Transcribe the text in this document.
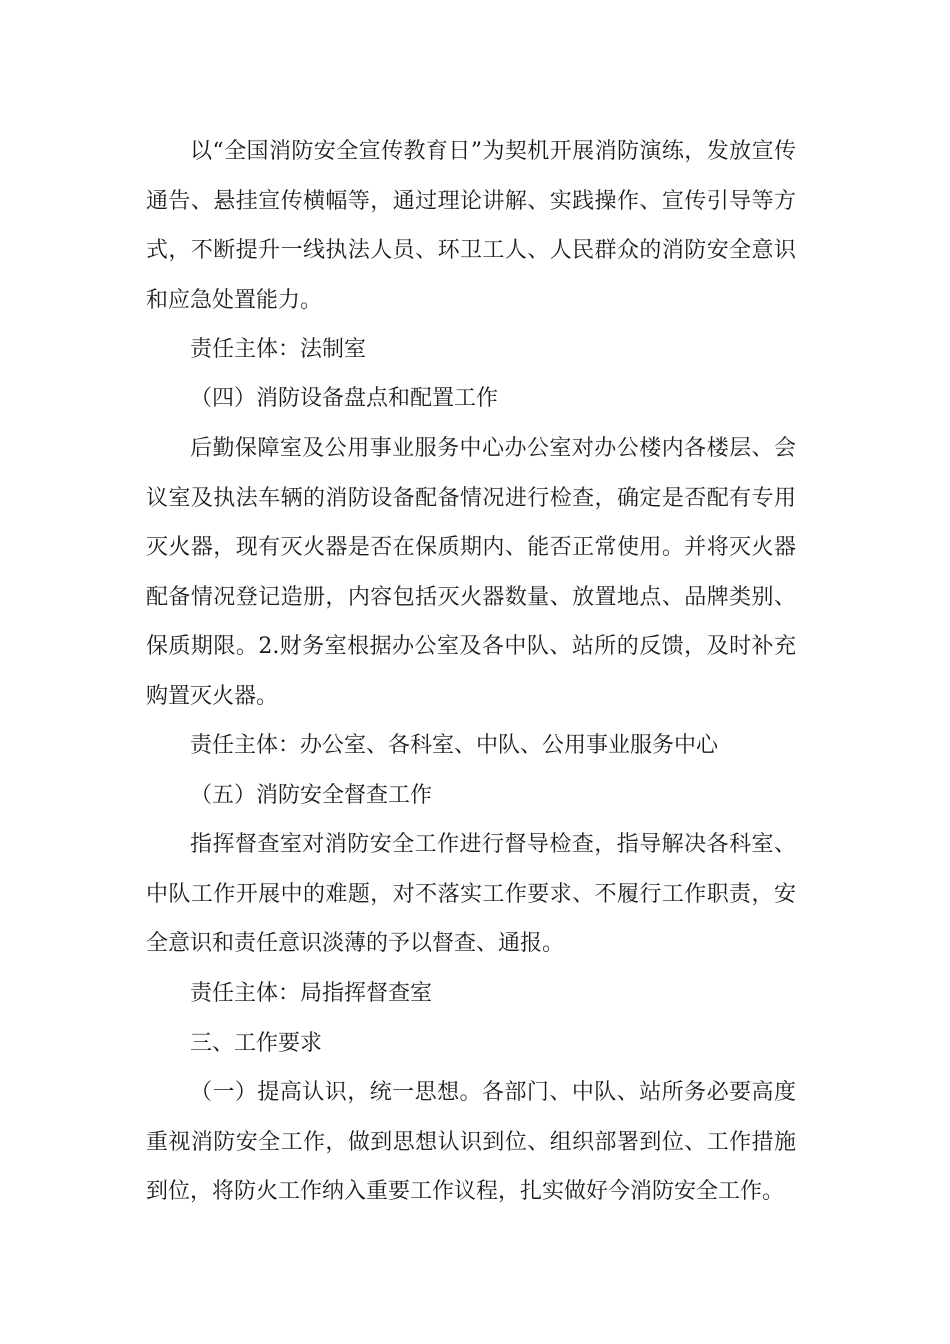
以“全国消防安全宣传教育日”为契机开展消防演练，发放宣传通告、悬挂宣传横幅等，通过理论讲解、实践操作、宣传引导等方式，不断提升一线执法人员、环卫工人、人民群众的消防安全意识和应急处置能力。

责任主体：法制室

（四）消防设备盘点和配置工作

后勤保障室及公用事业服务中心办公室对办公楼内各楼层、会议室及执法车辆的消防设备配备情况进行检查，确定是否配有专用灭火器，现有灭火器是否在保质期内、能否正常使用。并将灭火器配备情况登记造册，内容包括灭火器数量、放置地点、品牌类别、保质期限。2.财务室根据办公室及各中队、站所的反馈，及时补充购置灭火器。

责任主体：办公室、各科室、中队、公用事业服务中心

（五）消防安全督查工作

指挥督查室对消防安全工作进行督导检查，指导解决各科室、中队工作开展中的难题，对不落实工作要求、不履行工作职责，安全意识和责任意识淡薄的予以督查、通报。

责任主体：局指挥督查室

三、工作要求

（一）提高认识，统一思想。各部门、中队、站所务必要高度重视消防安全工作，做到思想认识到位、组织部署到位、工作措施到位，将防火工作纳入重要工作议程，扎实做好今消防安全工作。
